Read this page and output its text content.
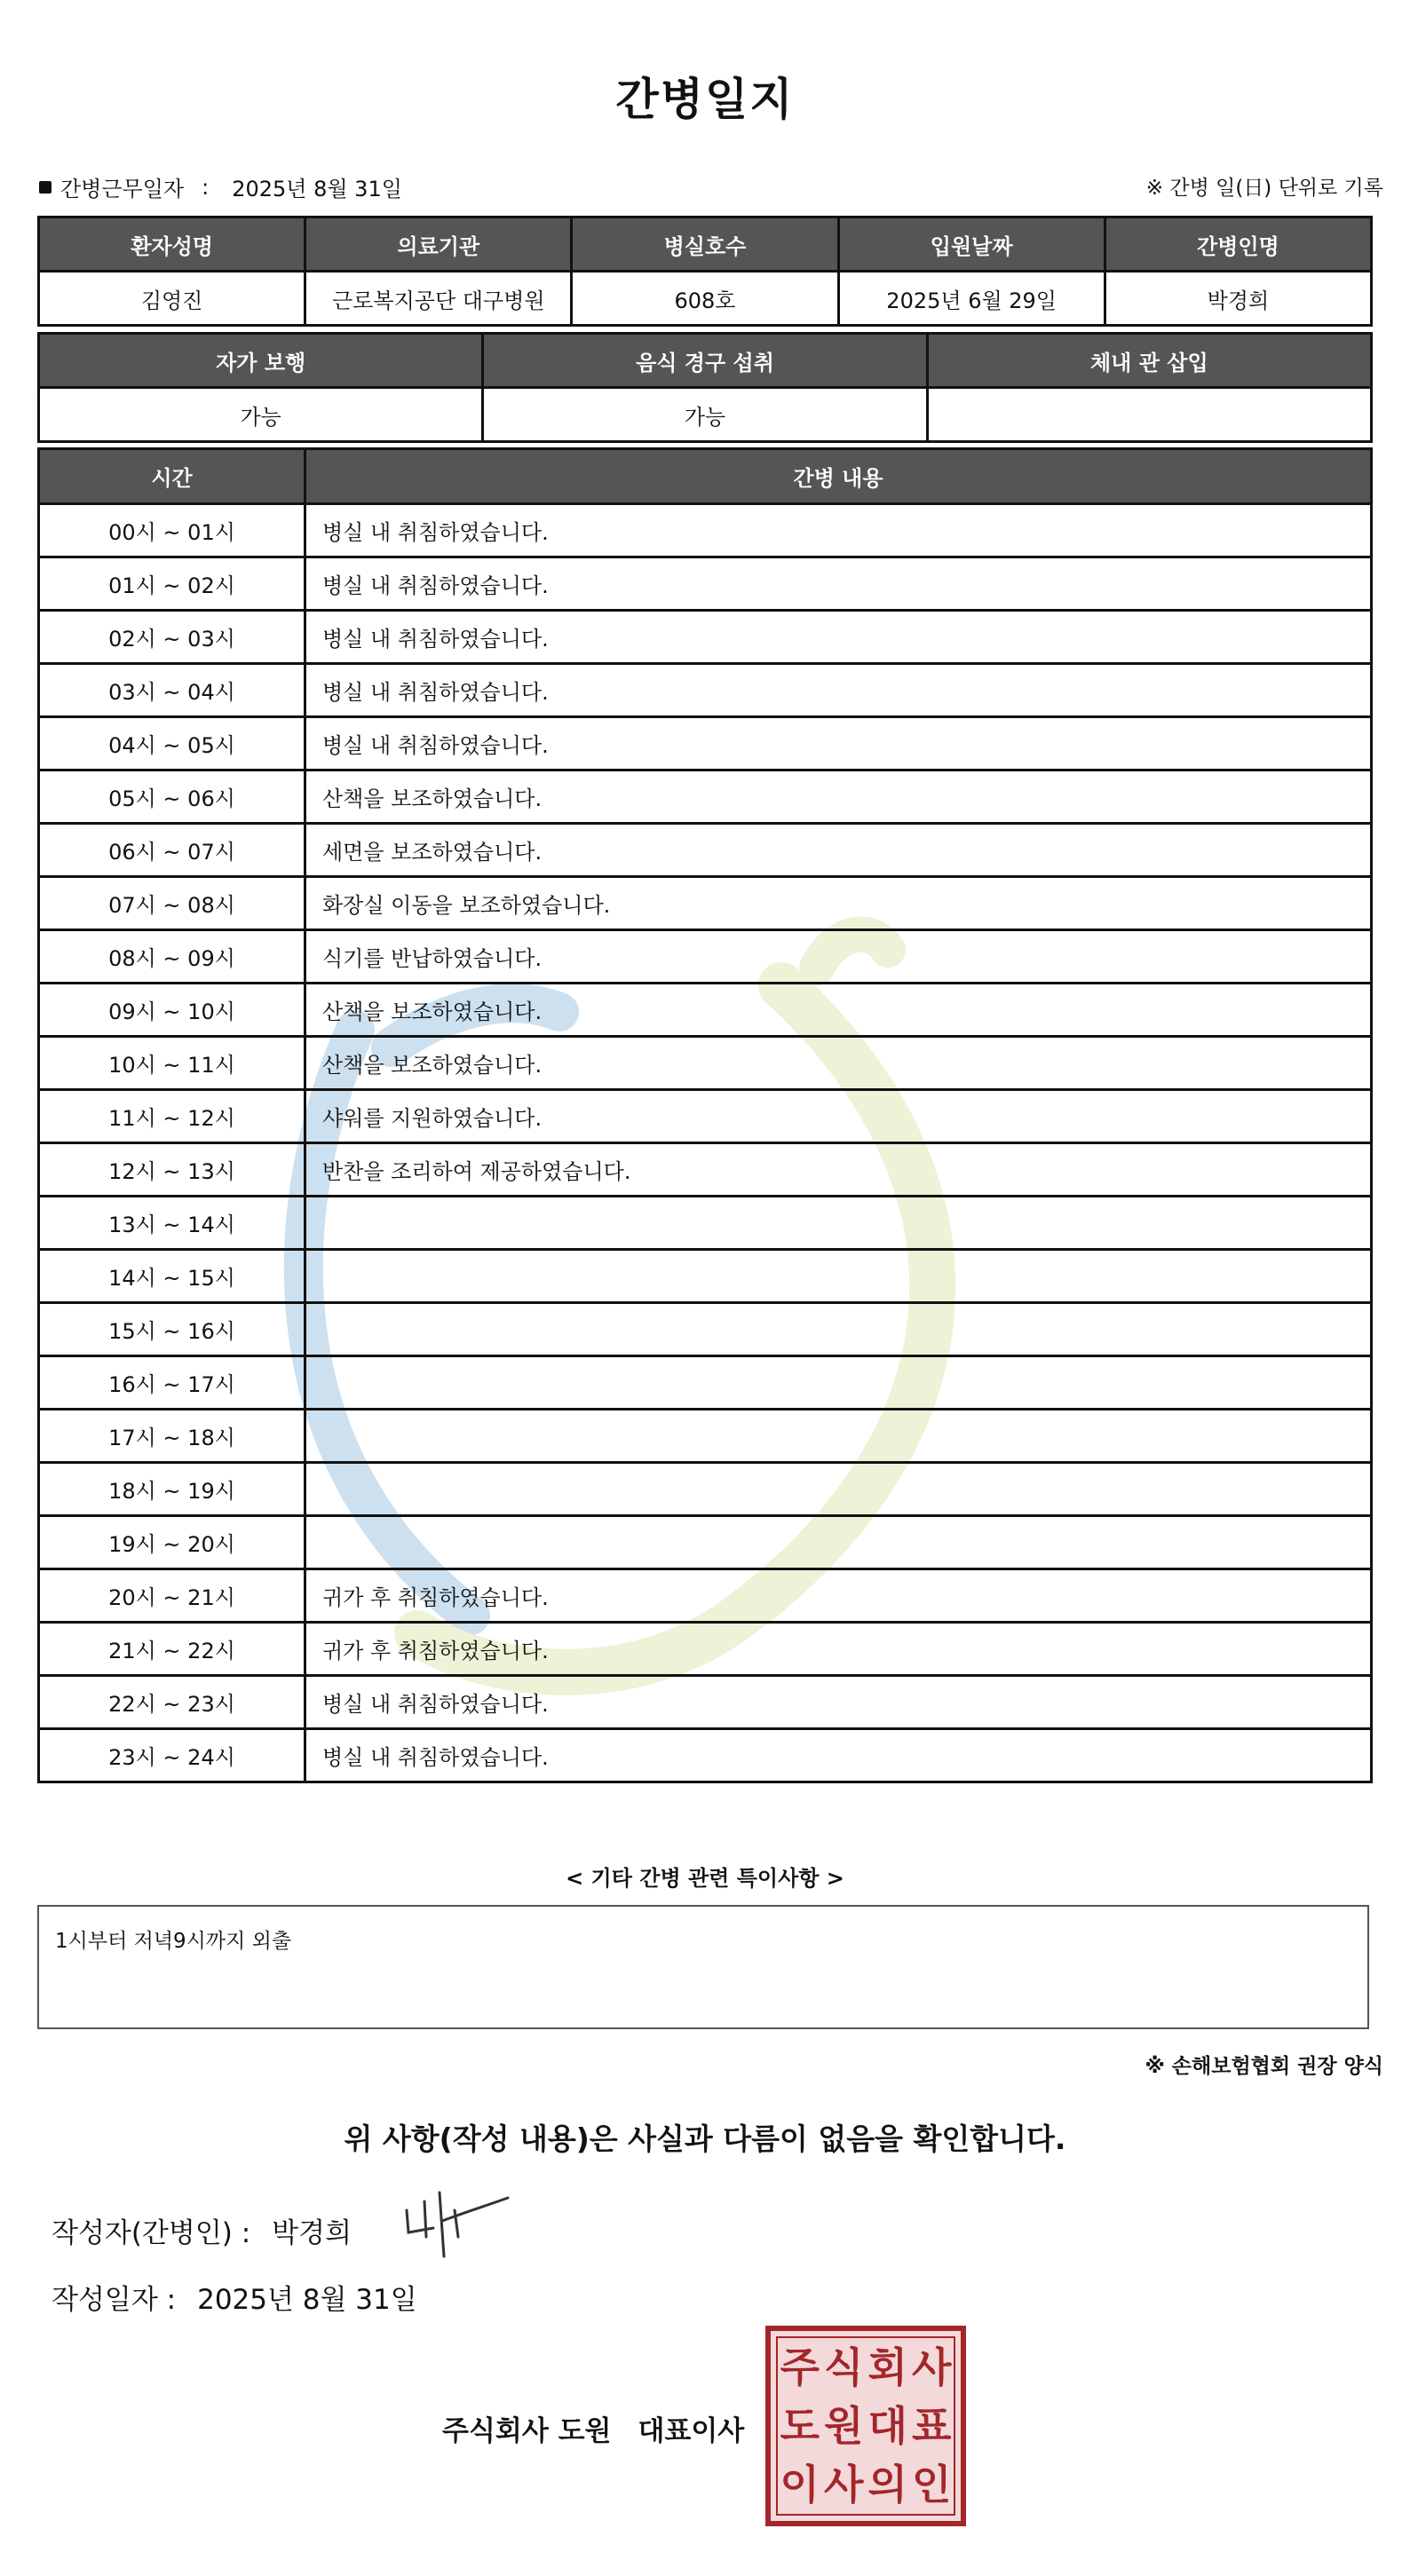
간병일지
간병근무일자 : 2025년 8월 31일	※ 간병 일(日) 단위로 기록
환자성명	의료기관	병실호수	입원날짜	간병인명
김영진	근로복지공단 대구병원	608호	2025년 6월 29일	박경희
자가 보행	음식 경구 섭취	체내 관 삽입
가능	가능	
시간	간병 내용
00시 ~ 01시	병실 내 취침하였습니다.
01시 ~ 02시	병실 내 취침하였습니다.
02시 ~ 03시	병실 내 취침하였습니다.
03시 ~ 04시	병실 내 취침하였습니다.
04시 ~ 05시	병실 내 취침하였습니다.
05시 ~ 06시	산책을 보조하였습니다.
06시 ~ 07시	세면을 보조하였습니다.
07시 ~ 08시	화장실 이동을 보조하였습니다.
08시 ~ 09시	식기를 반납하였습니다.
09시 ~ 10시	산책을 보조하였습니다.
10시 ~ 11시	산책을 보조하였습니다.
11시 ~ 12시	샤워를 지원하였습니다.
12시 ~ 13시	반찬을 조리하여 제공하였습니다.
13시 ~ 14시	
14시 ~ 15시	
15시 ~ 16시	
16시 ~ 17시	
17시 ~ 18시	
18시 ~ 19시	
19시 ~ 20시	
20시 ~ 21시	귀가 후 취침하였습니다.
21시 ~ 22시	귀가 후 취침하였습니다.
22시 ~ 23시	병실 내 취침하였습니다.
23시 ~ 24시	병실 내 취침하였습니다.
< 기타 간병 관련 특이사항 >
1시부터 저녁9시까지 외출
※ 손해보험협회 권장 양식
위 사항(작성 내용)은 사실과 다름이 없음을 확인합니다.
작성자(간병인) : 박경희
작성일자 : 2025년 8월 31일
주식회사 도원 대표이사
주 식 회 사
도 원 대 표
이 사 의 인
